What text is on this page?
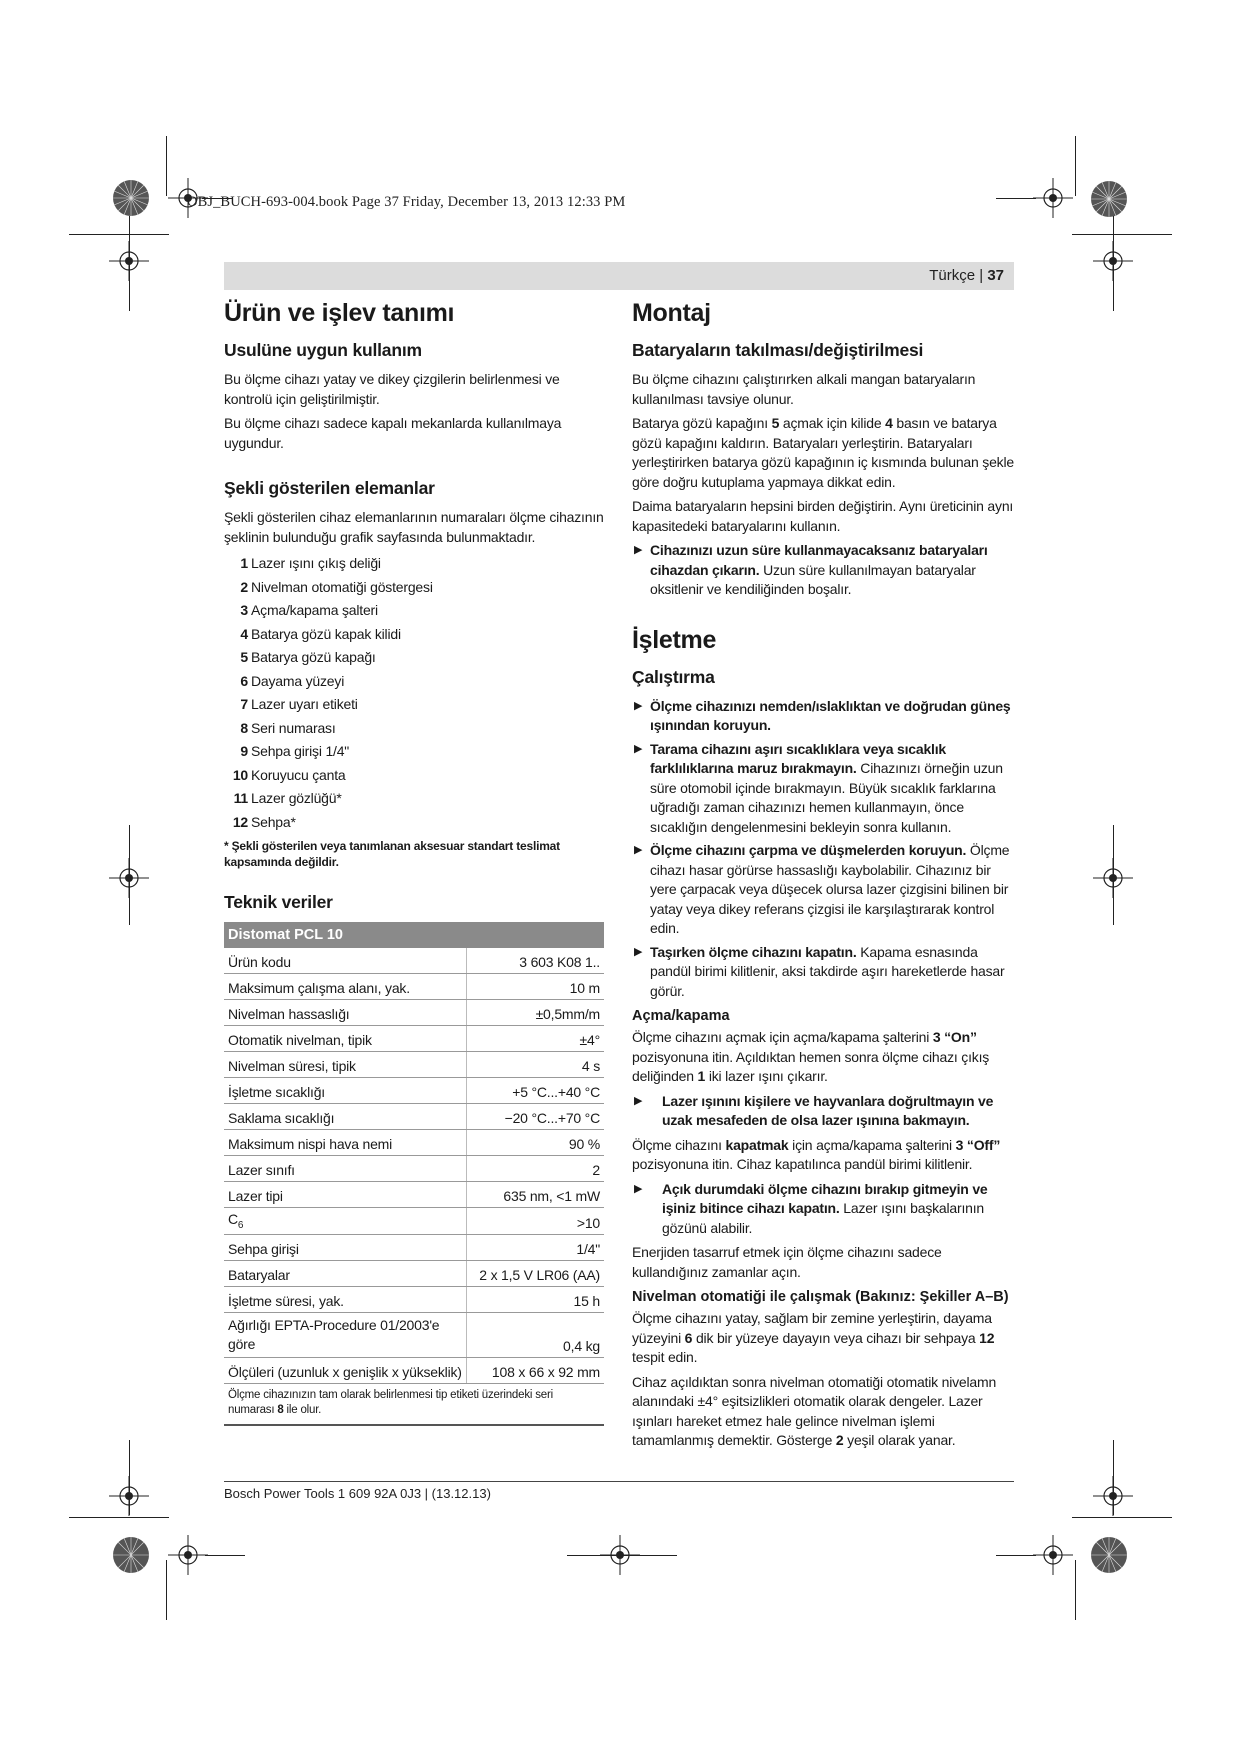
OBJ_BUCH-693-004.book Page 37 Friday, December 13, 2013 12:33 PM
Türkçe | 37
Ürün ve işlev tanımı
Usulüne uygun kullanım

Bu ölçme cihazı yatay ve dikey çizgilerin belirlenmesi ve kontrolü için geliştirilmiştir.

Bu ölçme cihazı sadece kapalı mekanlarda kullanılmaya uygundur.

Şekli gösterilen elemanlar

Şekli gösterilen cihaz elemanlarının numaraları ölçme cihazının şeklinin bulunduğu grafik sayfasında bulunmaktadır.

1 Lazer ışını çıkış deliği
2 Nivelman otomatiği göstergesi
3 Açma/kapama şalteri
4 Batarya gözü kapak kilidi
5 Batarya gözü kapağı
6 Dayama yüzeyi
7 Lazer uyarı etiketi
8 Seri numarası
9 Sehpa girişi 1/4"
10 Koruyucu çanta
11 Lazer gözlüğü*
12 Sehpa*
* Şekli gösterilen veya tanımlanan aksesuar standart teslimat kapsamında değildir.
Teknik veriler
Distomat PCL 10	
Ürün kodu	3 603 K08 1..
Maksimum çalışma alanı, yak.	10 m
Nivelman hassaslığı	±0,5mm/m
Otomatik nivelman, tipik	±4°
Nivelman süresi, tipik	4 s
İşletme sıcaklığı	+5 °C...+40 °C
Saklama sıcaklığı	−20 °C...+70 °C
Maksimum nispi hava nemi	90 %
Lazer sınıfı	2
Lazer tipi	635 nm, <1 mW
$C_6$	>10
Sehpa girişi	1/4"
Bataryalar	2 x 1,5 V LR06 (AA)
İşletme süresi, yak.	15 h
Ağırlığı EPTA-Procedure 01/2003'e göre	0,4 kg
Ölçüleri (uzunluk x genişlik x yükseklik)	108 x 66 x 92 mm
Ölçme cihazınızın tam olarak belirlenmesi tip etiketi üzerindeki seri numarası 8 ile olur.	
Montaj
Bataryaların takılması/değiştirilmesi

Bu ölçme cihazını çalıştırırken alkali mangan bataryaların kullanılması tavsiye olunur.

Batarya gözü kapağını 5 açmak için kilide 4 basın ve batarya gözü kapağını kaldırın. Bataryaları yerleştirin. Bataryaları yerleştirirken batarya gözü kapağının iç kısmında bulunan şekle göre doğru kutuplama yapmaya dikkat edin.

Daima bataryaların hepsini birden değiştirin. Aynı üreticinin aynı kapasitedeki bataryalarını kullanın.

▶ Cihazınızı uzun süre kullanmayacaksanız bataryaları cihazdan çıkarın. Uzun süre kullanılmayan bataryalar oksitlenir ve kendiliğinden boşalır.
İşletme
Çalıştırma
▶ Ölçme cihazınızı nemden/ıslaklıktan ve doğrudan güneş ışınından koruyun.
▶ Tarama cihazını aşırı sıcaklıklara veya sıcaklık farklılıklarına maruz bırakmayın. Cihazınızı örneğin uzun süre otomobil içinde bırakmayın. Büyük sıcaklık farklarına uğradığı zaman cihazınızı hemen kullanmayın, önce sıcaklığın dengelenmesini bekleyin sonra kullanın.
▶ Ölçme cihazını çarpma ve düşmelerden koruyun. Ölçme cihazı hasar görürse hassaslığı kaybolabilir. Cihazınız bir yere çarpacak veya düşecek olursa lazer çizgisini bilinen bir yatay veya dikey referans çizgisi ile karşılaştırarak kontrol edin.
▶ Taşırken ölçme cihazını kapatın. Kapama esnasında pandül birimi kilitlenir, aksi takdirde aşırı hareketlerde hasar görür.
Açma/kapama

Ölçme cihazını açmak için açma/kapama şalterini 3 “On” pozisyonuna itin. Açıldıktan hemen sonra ölçme cihazı çıkış deliğinden 1 iki lazer ışını çıkarır.

▶ Lazer ışınını kişilere ve hayvanlara doğrultmayın ve uzak mesafeden de olsa lazer ışınına bakmayın.

Ölçme cihazını kapatmak için açma/kapama şalterini 3 “Off” pozisyonuna itin. Cihaz kapatılınca pandül birimi kilitlenir.

▶ Açık durumdaki ölçme cihazını bırakıp gitmeyin ve işiniz bitince cihazı kapatın. Lazer ışını başkalarının gözünü alabilir.

Enerjiden tasarruf etmek için ölçme cihazını sadece kullandığınız zamanlar açın.

Nivelman otomatiği ile çalışmak (Bakınız: Şekiller A–B)

Ölçme cihazını yatay, sağlam bir zemine yerleştirin, dayama yüzeyini 6 dik bir yüzeye dayayın veya cihazı bir sehpaya 12 tespit edin.

Cihaz açıldıktan sonra nivelman otomatiği otomatik nivelamn alanındaki ±4° eşitsizlikleri otomatik olarak dengeler. Lazer ışınları hareket etmez hale gelince nivelman işlemi tamamlanmış demektir. Gösterge 2 yeşil olarak yanar.

Bosch Power Tools 1 609 92A 0J3 | (13.12.13)
